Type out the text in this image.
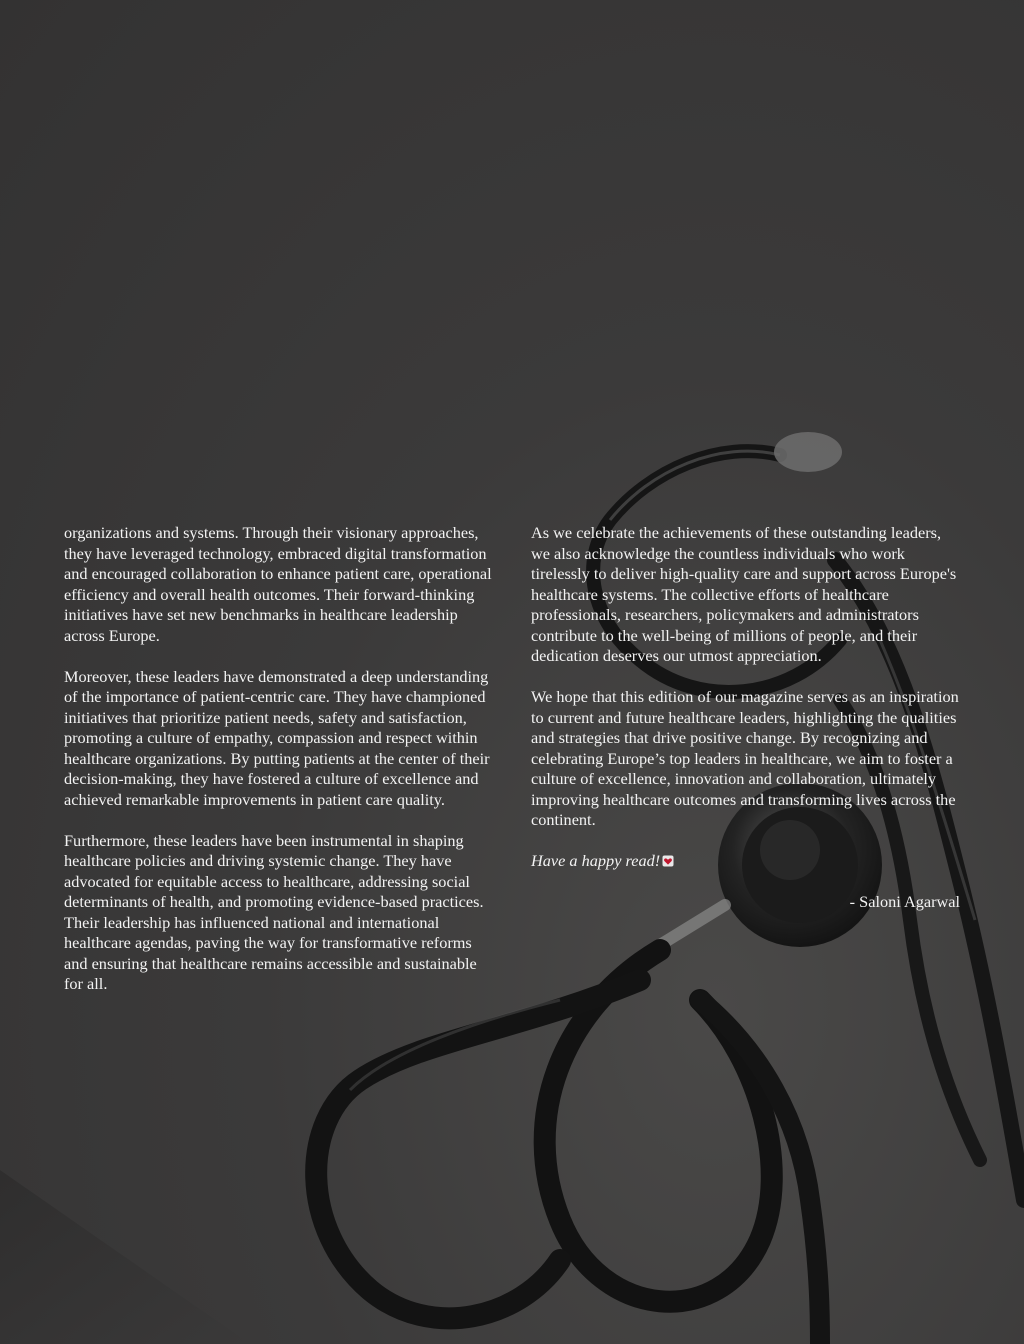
organizations and systems. Through their visionary approaches, they have leveraged technology, embraced digital transformation and encouraged collaboration to enhance patient care, operational efficiency and overall health outcomes. Their forward-thinking initiatives have set new benchmarks in healthcare leadership across Europe.

Moreover, these leaders have demonstrated a deep understanding of the importance of patient-centric care. They have championed initiatives that prioritize patient needs, safety and satisfaction, promoting a culture of empathy, compassion and respect within healthcare organizations. By putting patients at the center of their decision-making, they have fostered a culture of excellence and achieved remarkable improvements in patient care quality.

Furthermore, these leaders have been instrumental in shaping healthcare policies and driving systemic change. They have advocated for equitable access to healthcare, addressing social determinants of health, and promoting evidence-based practices. Their leadership has influenced national and international healthcare agendas, paving the way for transformative reforms and ensuring that healthcare remains accessible and sustainable for all.

As we celebrate the achievements of these outstanding leaders, we also acknowledge the countless individuals who work tirelessly to deliver high-quality care and support across Europe's healthcare systems. The collective efforts of healthcare professionals, researchers, policymakers and administrators contribute to the well-being of millions of people, and their dedication deserves our utmost appreciation.

We hope that this edition of our magazine serves as an inspiration to current and future healthcare leaders, highlighting the qualities and strategies that drive positive change. By recognizing and celebrating Europe’s top leaders in healthcare, we aim to foster a culture of excellence, innovation and collaboration, ultimately improving healthcare outcomes and transforming lives across the continent.

Have a happy read!

- Saloni Agarwal
